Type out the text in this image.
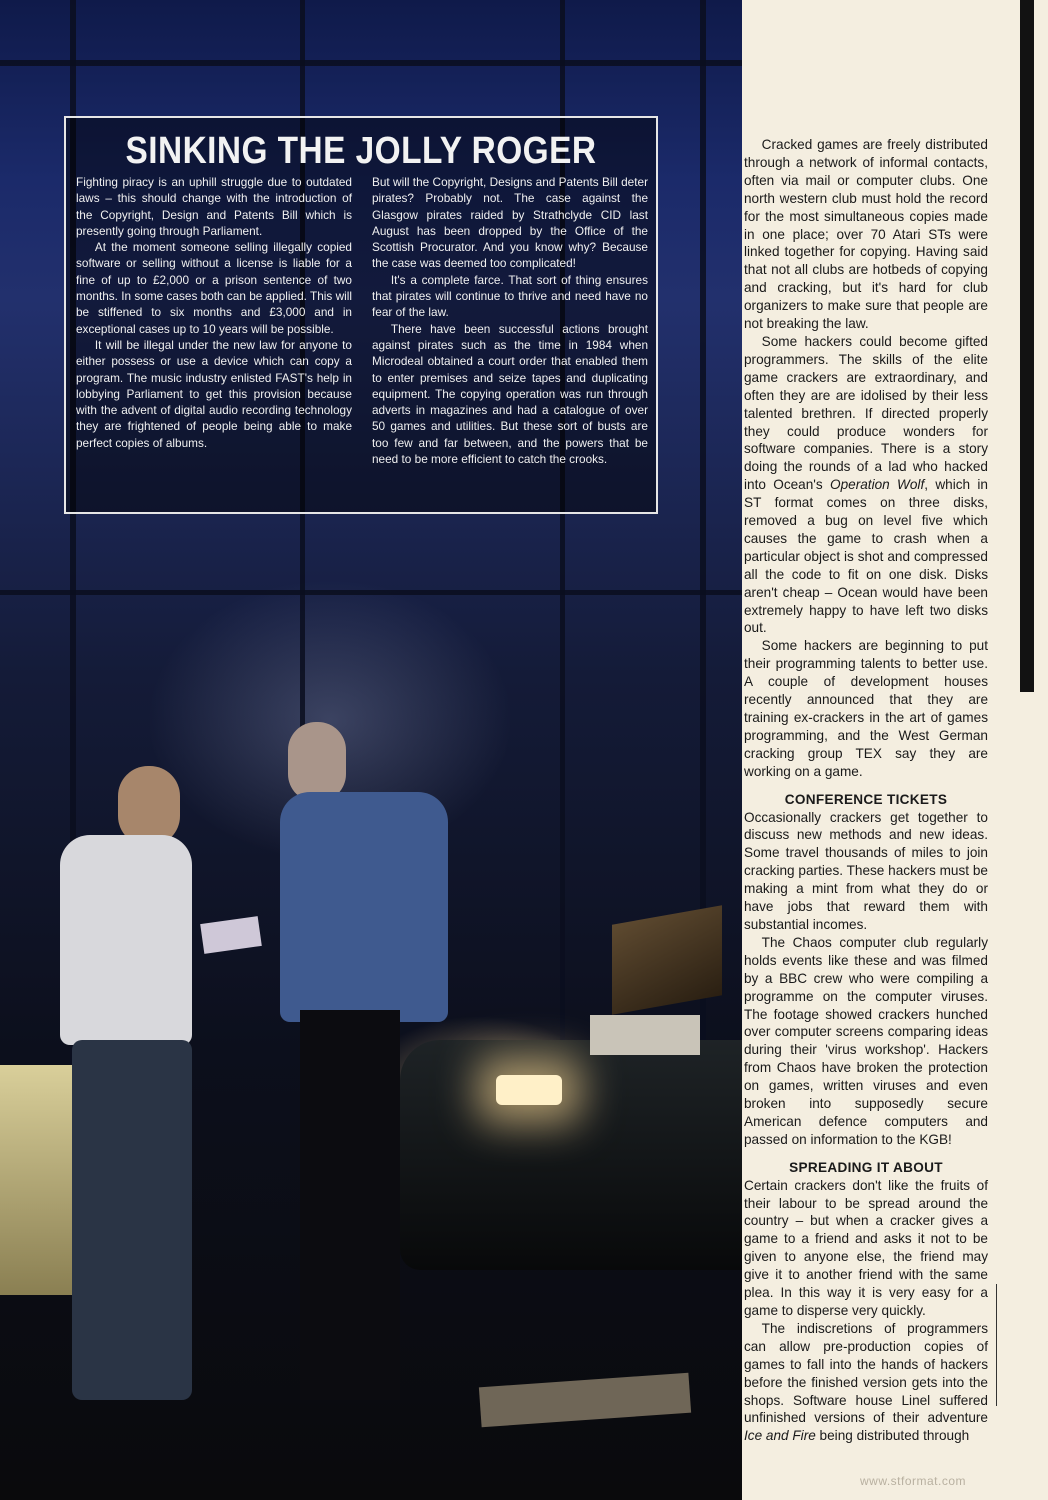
SINKING THE JOLLY ROGER

Fighting piracy is an uphill struggle due to outdated laws – this should change with the introduction of the Copyright, Design and Patents Bill which is presently going through Parliament.

At the moment someone selling illegally copied software or selling without a license is liable for a fine of up to £2,000 or a prison sentence of two months. In some cases both can be applied. This will be stiffened to six months and £3,000 and in exceptional cases up to 10 years will be possible.

It will be illegal under the new law for anyone to either possess or use a device which can copy a program. The music industry enlisted FAST's help in lobbying Parliament to get this provision because with the advent of digital audio recording technology they are frightened of people being able to make perfect copies of albums.

But will the Copyright, Designs and Patents Bill deter pirates? Probably not. The case against the Glasgow pirates raided by Strathclyde CID last August has been dropped by the Office of the Scottish Procurator. And you know why? Because the case was deemed too complicated!

It's a complete farce. That sort of thing ensures that pirates will continue to thrive and need have no fear of the law.

There have been successful actions brought against pirates such as the time in 1984 when Microdeal obtained a court order that enabled them to enter premises and seize tapes and duplicating equipment. The copying operation was run through adverts in magazines and had a catalogue of over 50 games and utilities. But these sort of busts are too few and far between, and the powers that be need to be more efficient to catch the crooks.

Cracked games are freely distributed through a network of informal contacts, often via mail or computer clubs. One north western club must hold the record for the most simultaneous copies made in one place; over 70 Atari STs were linked together for copying. Having said that not all clubs are hotbeds of copying and cracking, but it's hard for club organizers to make sure that people are not breaking the law.

Some hackers could become gifted programmers. The skills of the elite game crackers are extraordinary, and often they are are idolised by their less talented brethren. If directed properly they could produce wonders for software companies. There is a story doing the rounds of a lad who hacked into Ocean's Operation Wolf, which in ST format comes on three disks, removed a bug on level five which causes the game to crash when a particular object is shot and compressed all the code to fit on one disk. Disks aren't cheap – Ocean would have been extremely happy to have left two disks out.

Some hackers are beginning to put their programming talents to better use. A couple of development houses recently announced that they are training ex-crackers in the art of games programming, and the West German cracking group TEX say they are working on a game.

CONFERENCE TICKETS

Occasionally crackers get together to discuss new methods and new ideas. Some travel thousands of miles to join cracking parties. These hackers must be making a mint from what they do or have jobs that reward them with substantial incomes.

The Chaos computer club regularly holds events like these and was filmed by a BBC crew who were compiling a programme on the computer viruses. The footage showed crackers hunched over computer screens comparing ideas during their 'virus workshop'. Hackers from Chaos have broken the protection on games, written viruses and even broken into supposedly secure American defence computers and passed on information to the KGB!

SPREADING IT ABOUT

Certain crackers don't like the fruits of their labour to be spread around the country – but when a cracker gives a game to a friend and asks it not to be given to anyone else, the friend may give it to another friend with the same plea. In this way it is very easy for a game to disperse very quickly.

The indiscretions of programmers can allow pre-production copies of games to fall into the hands of hackers before the finished version gets into the shops. Software house Linel suffered unfinished versions of their adventure Ice and Fire being distributed through

www.stformat.com
